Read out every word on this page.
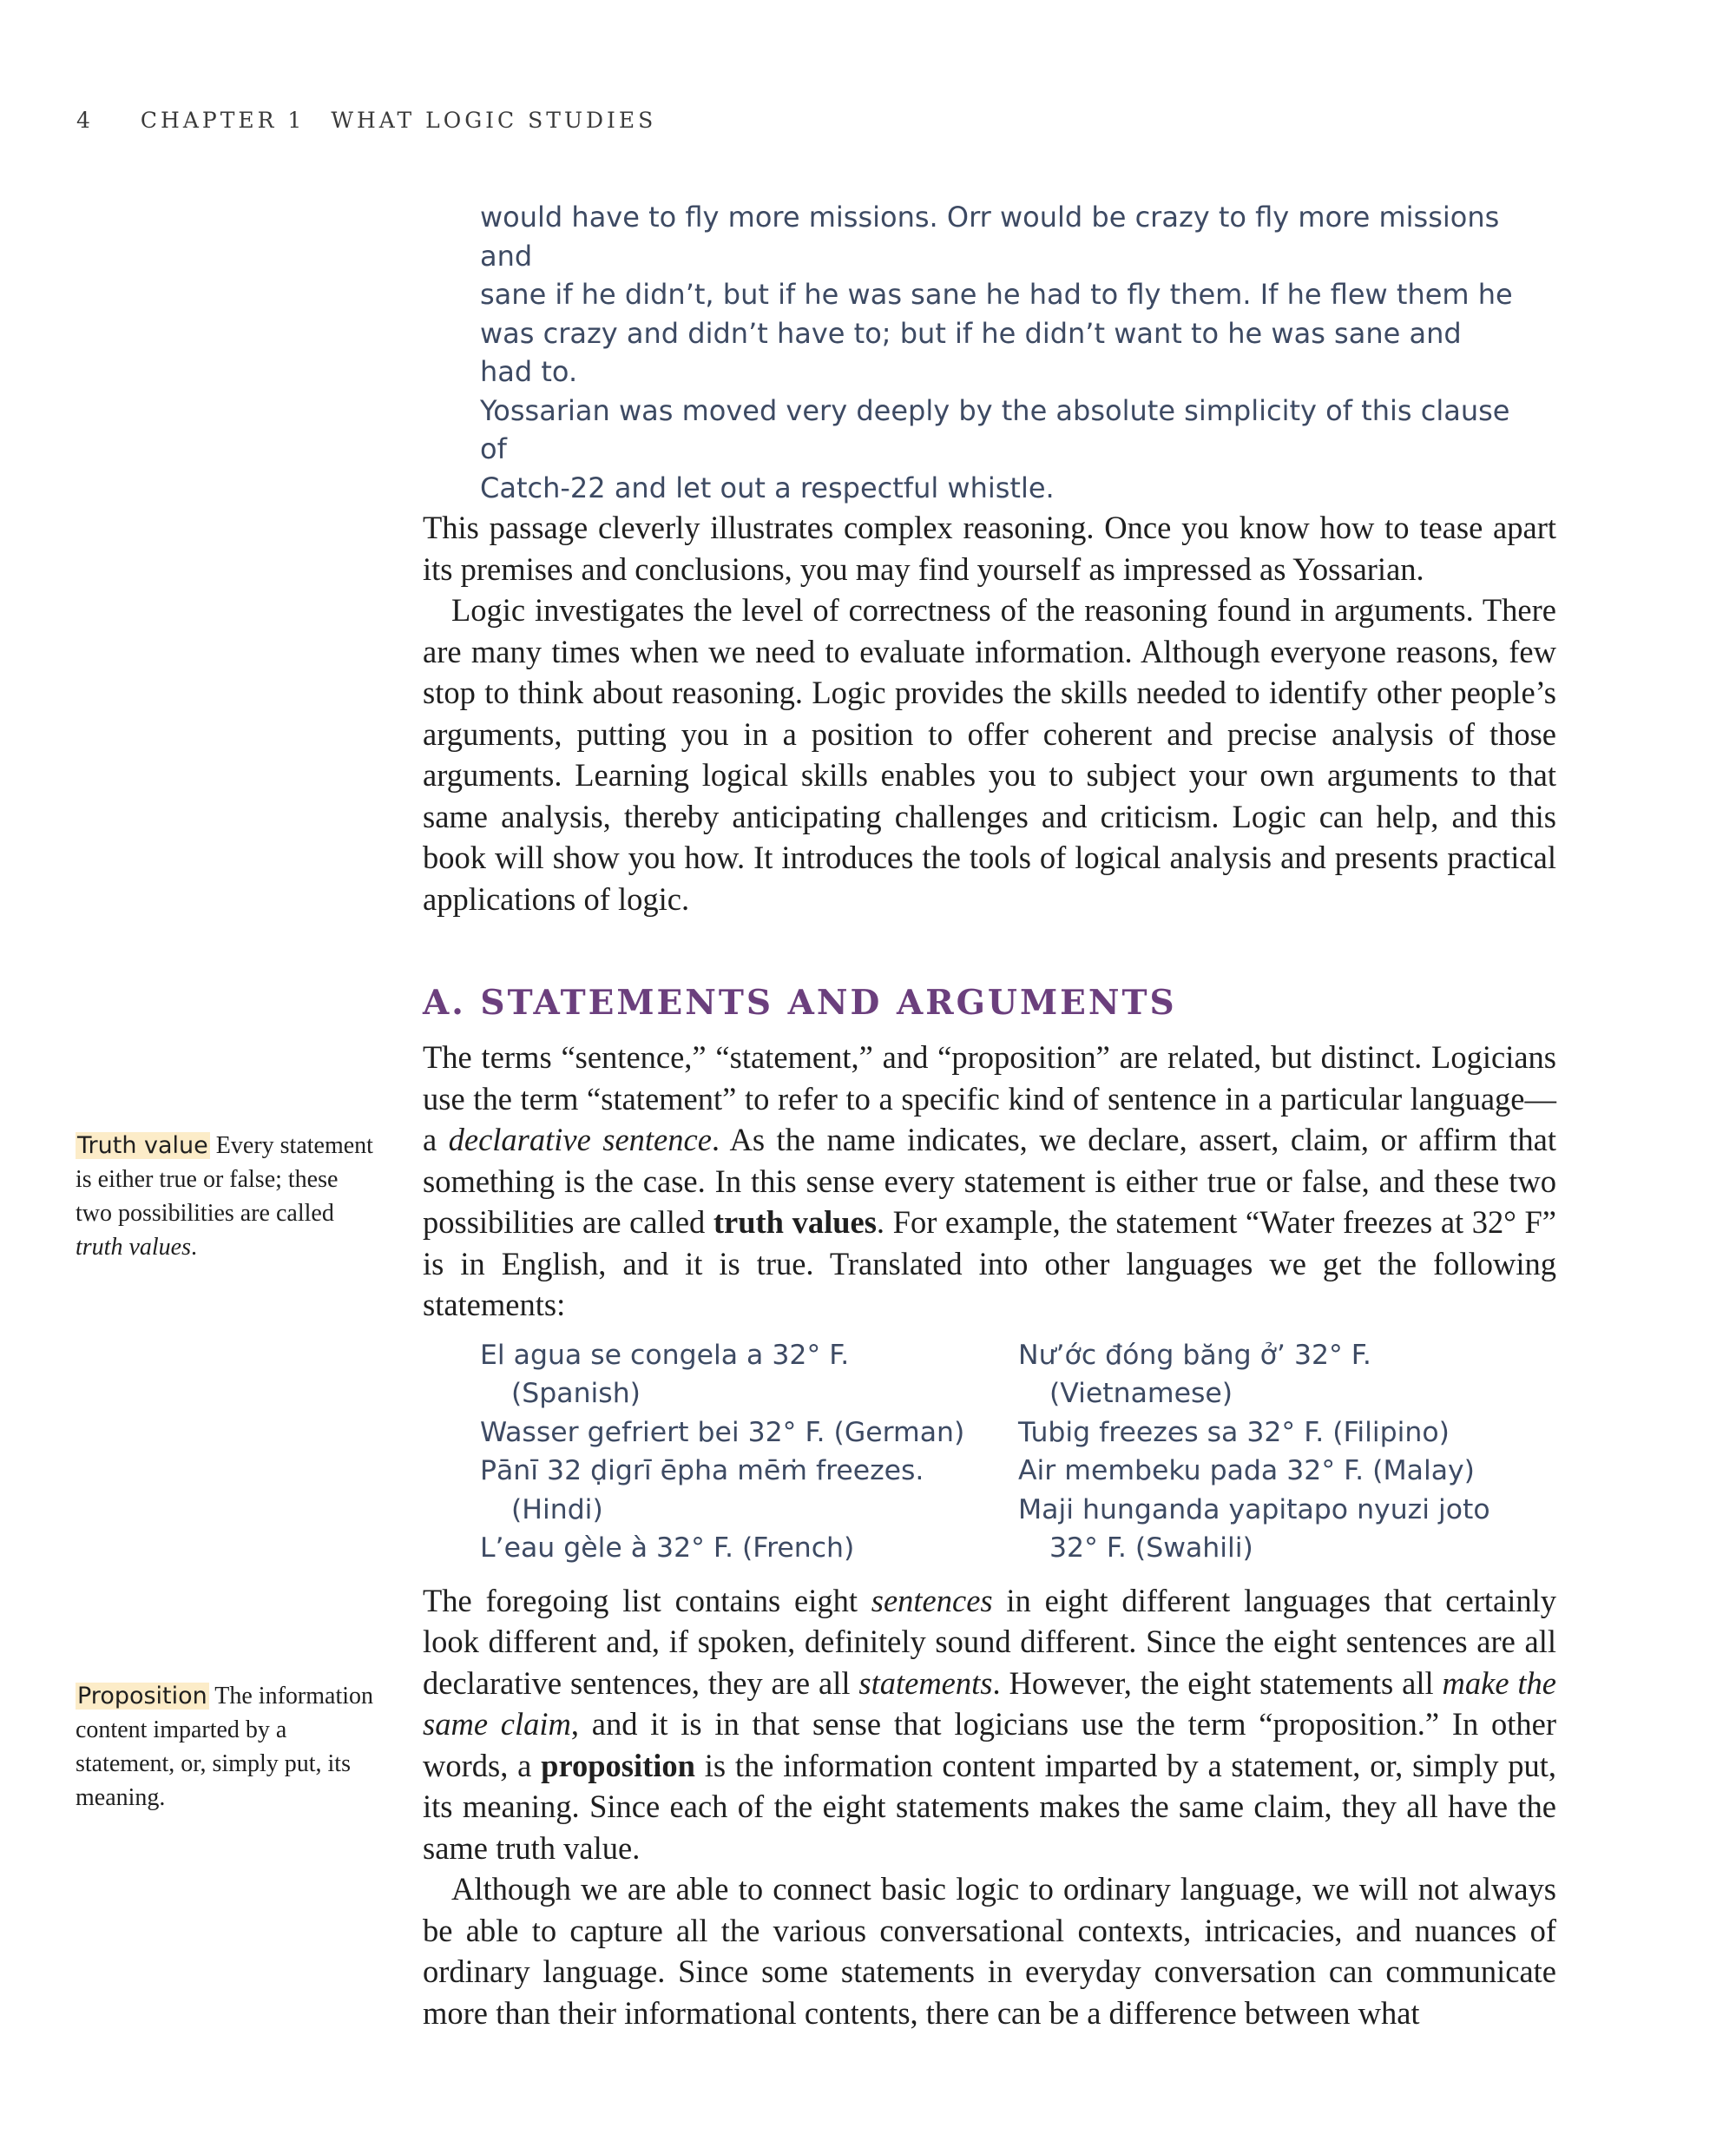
4 CHAPTER 1 WHAT LOGIC STUDIES

would have to fly more missions. Orr would be crazy to fly more missions and

sane if he didn’t, but if he was sane he had to fly them. If he flew them he

was crazy and didn’t have to; but if he didn’t want to he was sane and had to.

Yossarian was moved very deeply by the absolute simplicity of this clause of

Catch-22 and let out a respectful whistle.

This passage cleverly illustrates complex reasoning. Once you know how to tease apart its premises and conclusions, you may find yourself as impressed as Yossarian.

Logic investigates the level of correctness of the reasoning found in arguments. There are many times when we need to evaluate information. Although everyone reasons, few stop to think about reasoning. Logic provides the skills needed to identify other people’s arguments, putting you in a position to offer coherent and precise analysis of those arguments. Learning logical skills enables you to subject your own arguments to that same analysis, thereby anticipating challenges and criticism. Logic can help, and this book will show you how. It introduces the tools of logical analysis and presents practical applications of logic.

A. STATEMENTS AND ARGUMENTS

The terms “sentence,” “statement,” and “proposition” are related, but distinct. Logicians use the term “statement” to refer to a specific kind of sentence in a particular language—a declarative sentence. As the name indicates, we declare, assert, claim, or affirm that something is the case. In this sense every statement is either true or false, and these two possibilities are called truth values. For example, the statement “Water freezes at 32° F” is in English, and it is true. Translated into other languages we get the following statements:

El agua se congela a 32° F.
(Spanish)
Wasser gefriert bei 32° F. (German)
Pānī 32 ḍigrī ēpha mēṁ freezes.
(Hindi)
L’eau gèle à 32° F. (French)
Nư’ớc đóng băng ở’ 32° F.
(Vietnamese)
Tubig freezes sa 32° F. (Filipino)
Air membeku pada 32° F. (Malay)
Maji hunganda yapitapo nyuzi joto
32° F. (Swahili)

The foregoing list contains eight sentences in eight different languages that certainly look different and, if spoken, definitely sound different. Since the eight sentences are all declarative sentences, they are all statements. However, the eight statements all make the same claim, and it is in that sense that logicians use the term “proposition.” In other words, a proposition is the information content imparted by a statement, or, simply put, its meaning. Since each of the eight statements makes the same claim, they all have the same truth value.

Although we are able to connect basic logic to ordinary language, we will not always be able to capture all the various conversational contexts, intricacies, and nuances of ordinary language. Since some statements in everyday conversation can communicate more than their informational contents, there can be a difference between what

Truth value Every statement is either true or false; these two possibilities are called truth values.
Proposition The information content imparted by a statement, or, simply put, its meaning.
